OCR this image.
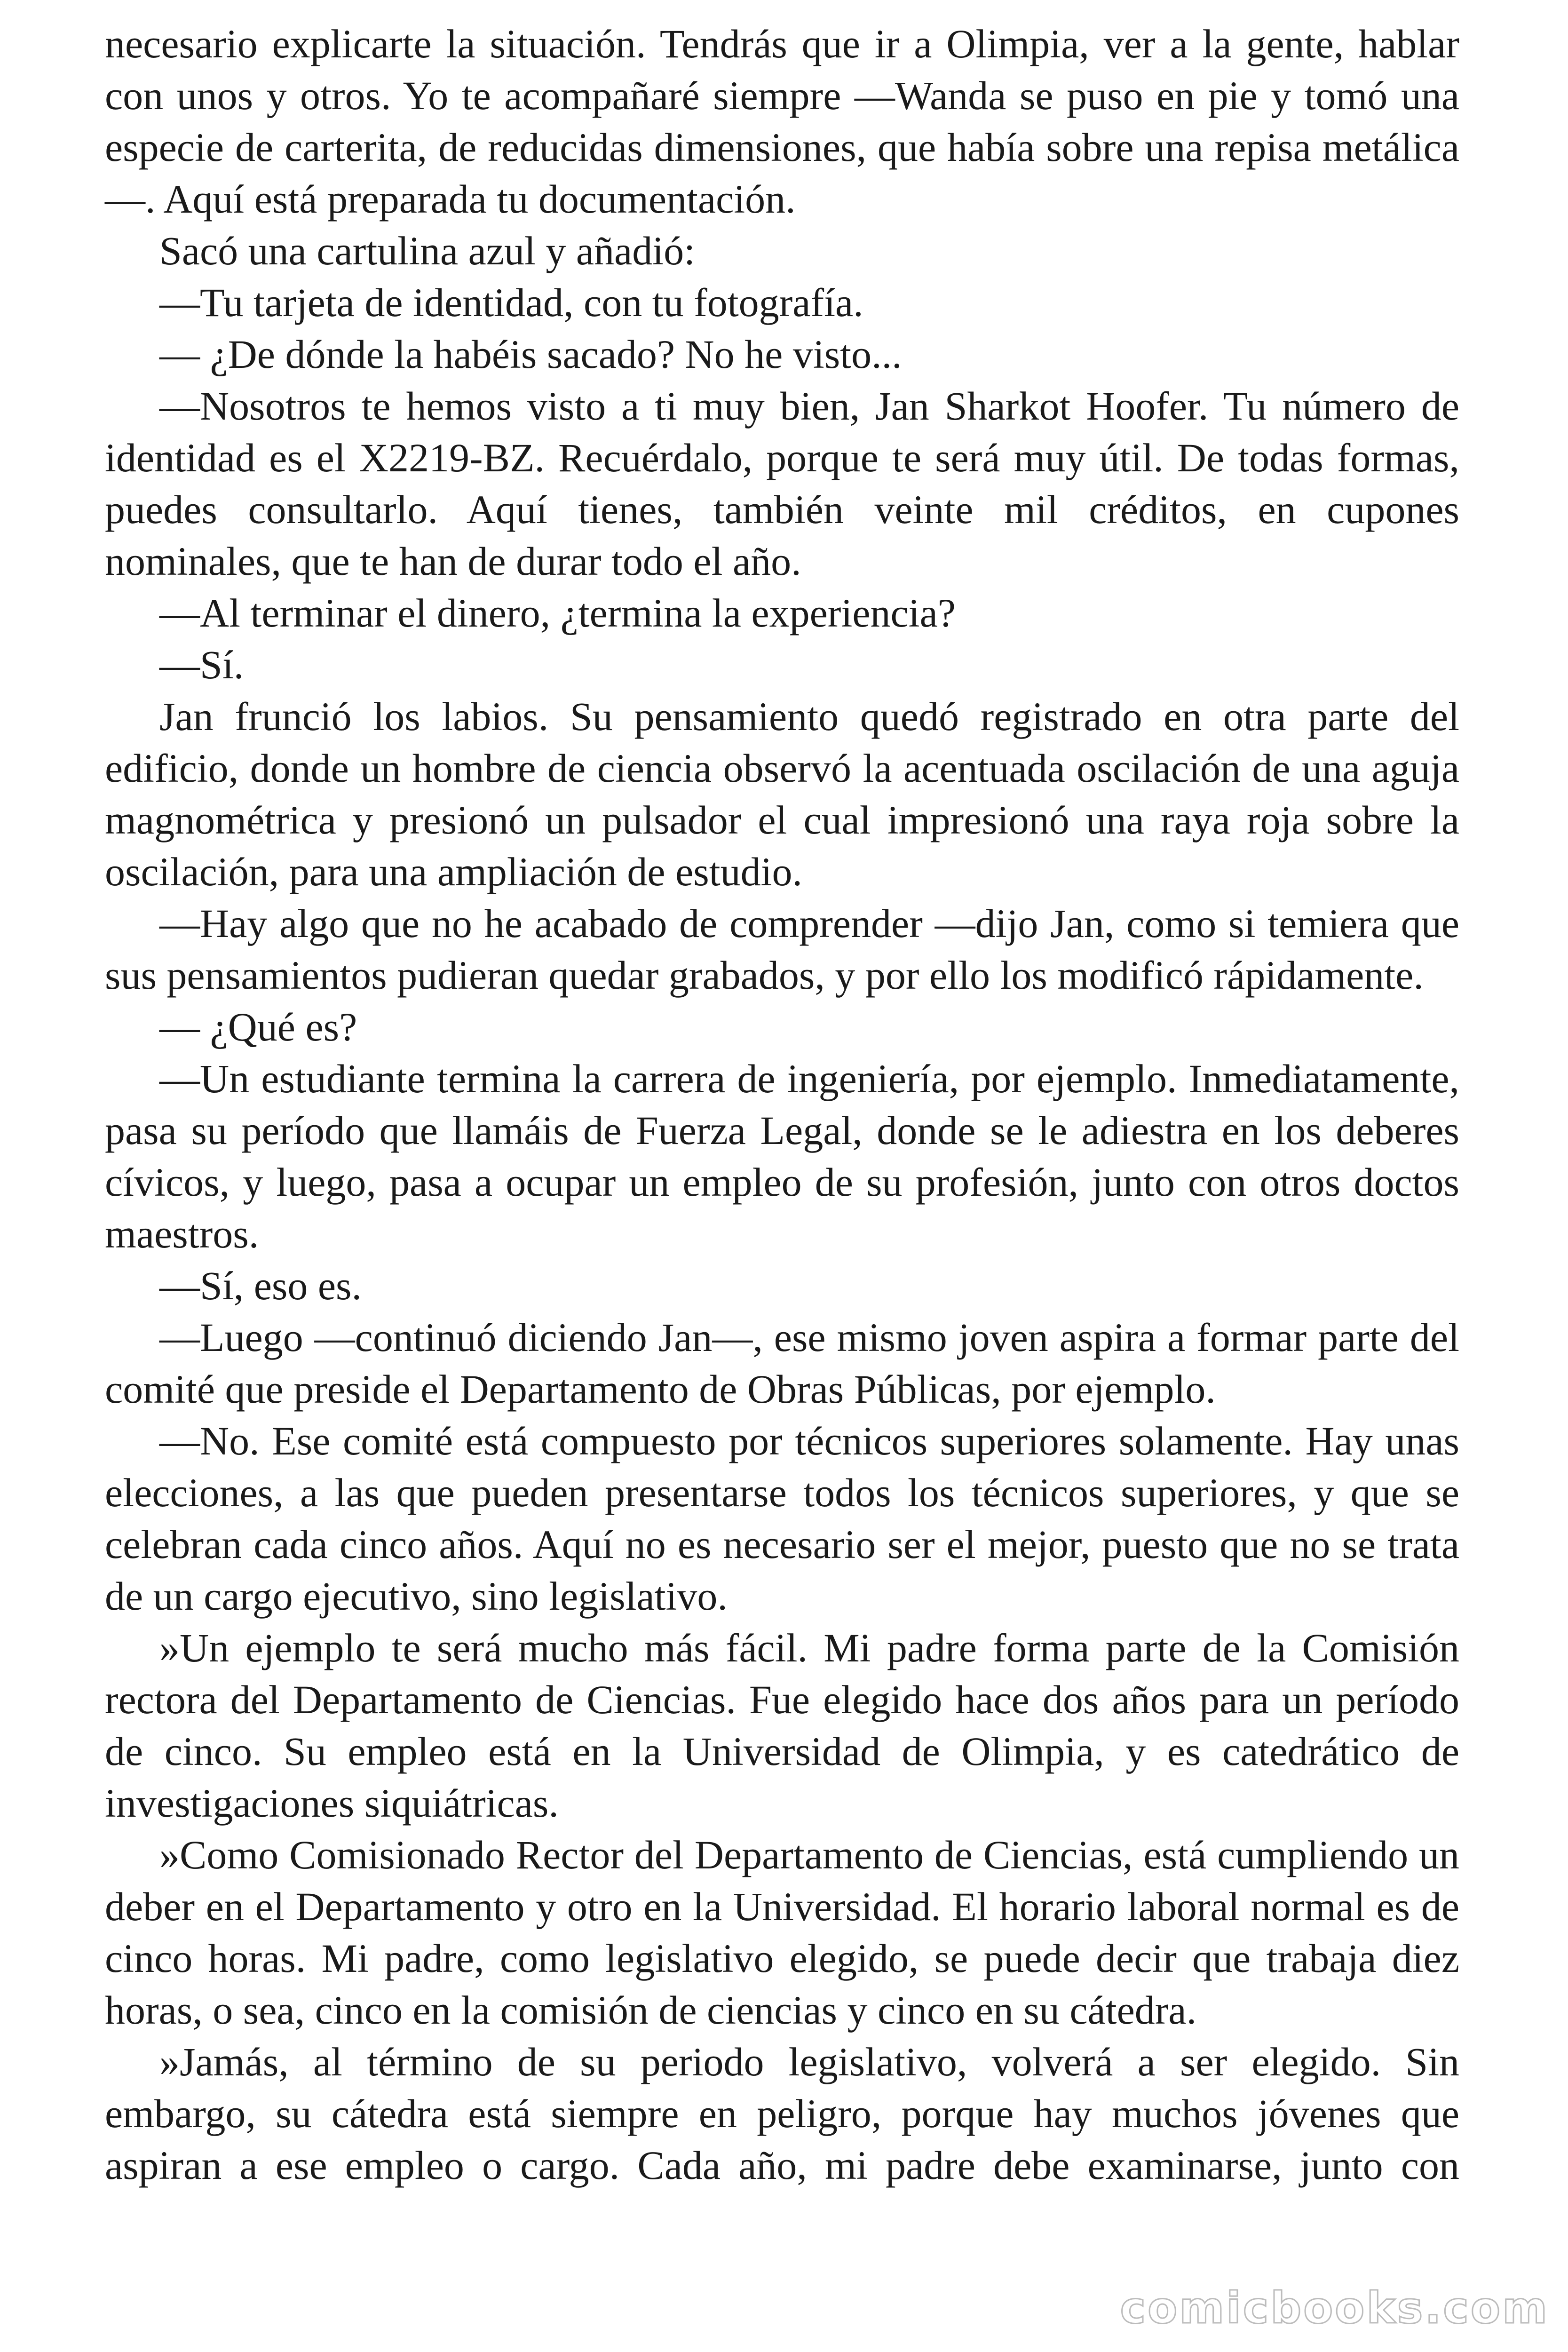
necesario explicarte la situación. Tendrás que ir a Olimpia, ver a la gente, hablar con unos y otros. Yo te acompañaré siempre —Wanda se puso en pie y tomó una especie de carterita, de reducidas dimensiones, que había sobre una repisa metálica—. Aquí está preparada tu documentación.

Sacó una cartulina azul y añadió:

—Tu tarjeta de identidad, con tu fotografía.

— ¿De dónde la habéis sacado? No he visto...

—Nosotros te hemos visto a ti muy bien, Jan Sharkot Hoofer. Tu número de identidad es el X2219-BZ. Recuérdalo, porque te será muy útil. De todas formas, puedes consultarlo. Aquí tienes, también veinte mil créditos, en cupones nominales, que te han de durar todo el año.

—Al terminar el dinero, ¿termina la experiencia?

—Sí.

Jan frunció los labios. Su pensamiento quedó registrado en otra parte del edificio, donde un hombre de ciencia observó la acentuada oscilación de una aguja magnométrica y presionó un pulsador el cual impresionó una raya roja sobre la oscilación, para una ampliación de estudio.

—Hay algo que no he acabado de comprender —dijo Jan, como si temiera que sus pensamientos pudieran quedar grabados, y por ello los modificó rápidamente.

— ¿Qué es?

—Un estudiante termina la carrera de ingeniería, por ejemplo. Inmediatamente, pasa su período que llamáis de Fuerza Legal, donde se le adiestra en los deberes cívicos, y luego, pasa a ocupar un empleo de su profesión, junto con otros doctos maestros.

—Sí, eso es.

—Luego —continuó diciendo Jan—, ese mismo joven aspira a formar parte del comité que preside el Departamento de Obras Públicas, por ejemplo.

—No. Ese comité está compuesto por técnicos superiores solamente. Hay unas elecciones, a las que pueden presentarse todos los técnicos superiores, y que se celebran cada cinco años. Aquí no es necesario ser el mejor, puesto que no se trata de un cargo ejecutivo, sino legislativo.

»Un ejemplo te será mucho más fácil. Mi padre forma parte de la Comisión rectora del Departamento de Ciencias. Fue elegido hace dos años para un período de cinco. Su empleo está en la Universidad de Olimpia, y es catedrático de investigaciones siquiátricas.

»Como Comisionado Rector del Departamento de Ciencias, está cumpliendo un deber en el Departamento y otro en la Universidad. El horario laboral normal es de cinco horas. Mi padre, como legislativo elegido, se puede decir que trabaja diez horas, o sea, cinco en la comisión de ciencias y cinco en su cátedra.

»Jamás, al término de su periodo legislativo, volverá a ser elegido. Sin embargo, su cátedra está siempre en peligro, porque hay muchos jóvenes que aspiran a ese empleo o cargo. Cada año, mi padre debe examinarse, junto con

comicbooks.com
